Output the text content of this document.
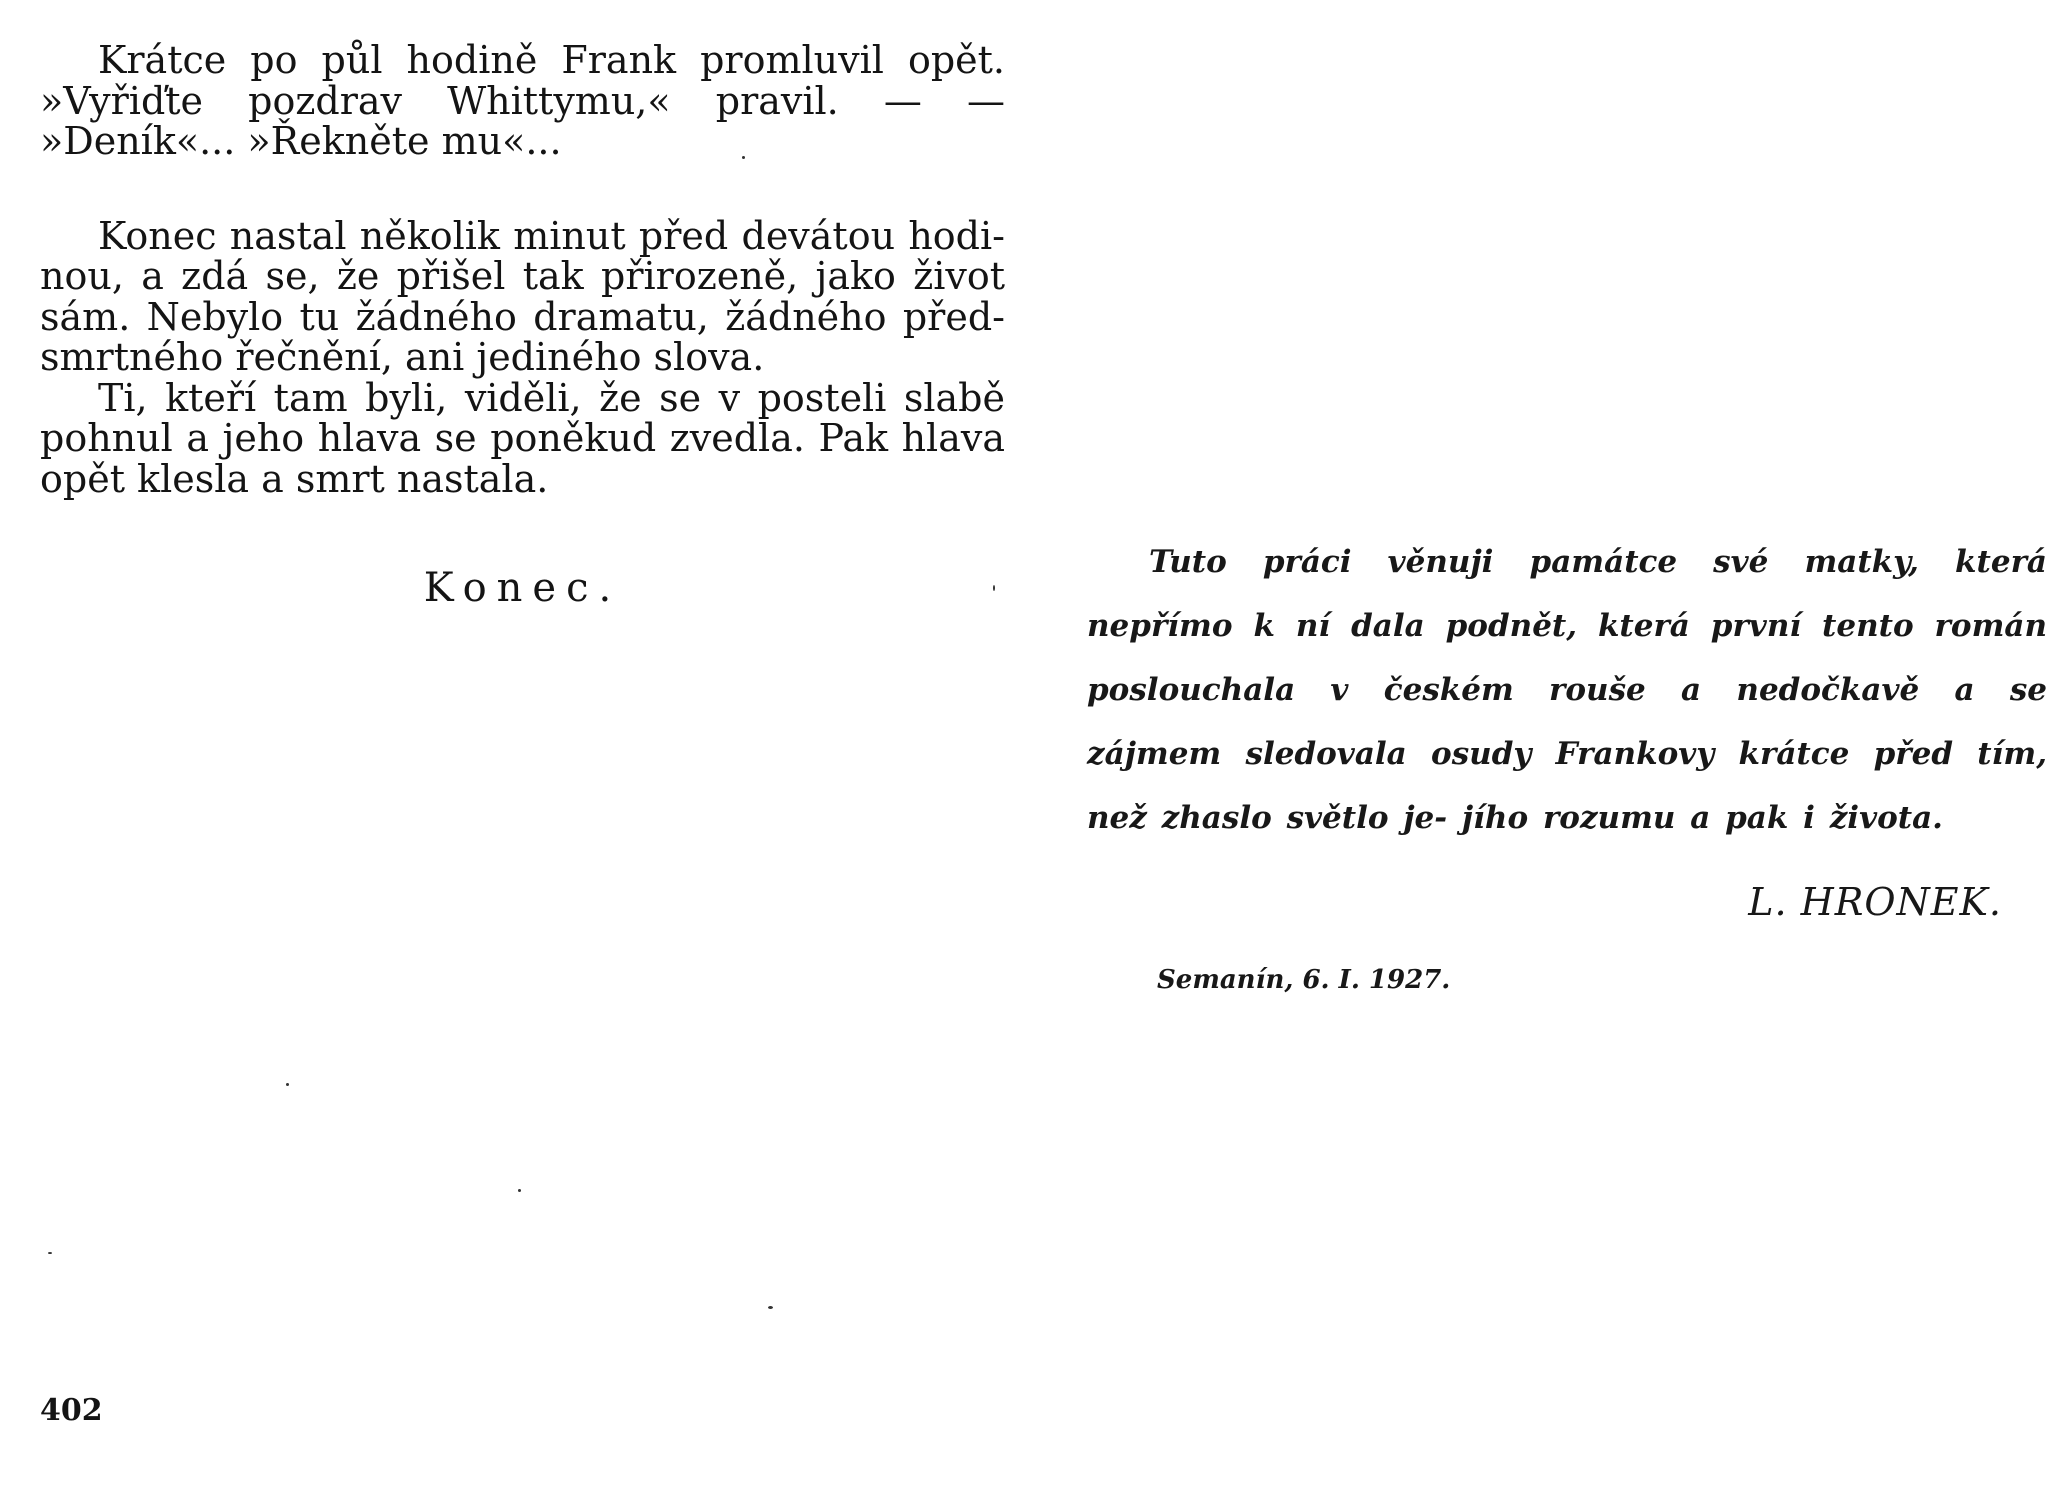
Krátce po půl hodině Frank promluvil opět. »Vyřiďte pozdrav Whittymu,« pravil. — — »Deník«... »Řekněte mu«...

Konec nastal několik minut před devátou hodi- nou, a zdá se, že přišel tak přirozeně, jako život sám. Nebylo tu žádného dramatu, žádného před- smrtného řečnění, ani jediného slova.

Ti, kteří tam byli, viděli, že se v posteli slabě pohnul a jeho hlava se poněkud zvedla. Pak hlava opět klesla a smrt nastala.

Konec.
402

Tuto práci věnuji památce své matky, která nepřímo k ní dala podnět, která první tento román poslouchala v českém rouše a nedočkavě a se zájmem sledovala osudy Frankovy krátce před tím, než zhaslo světlo je- jího rozumu a pak i života.

L. HRONEK.
Semanín, 6. I. 1927.
